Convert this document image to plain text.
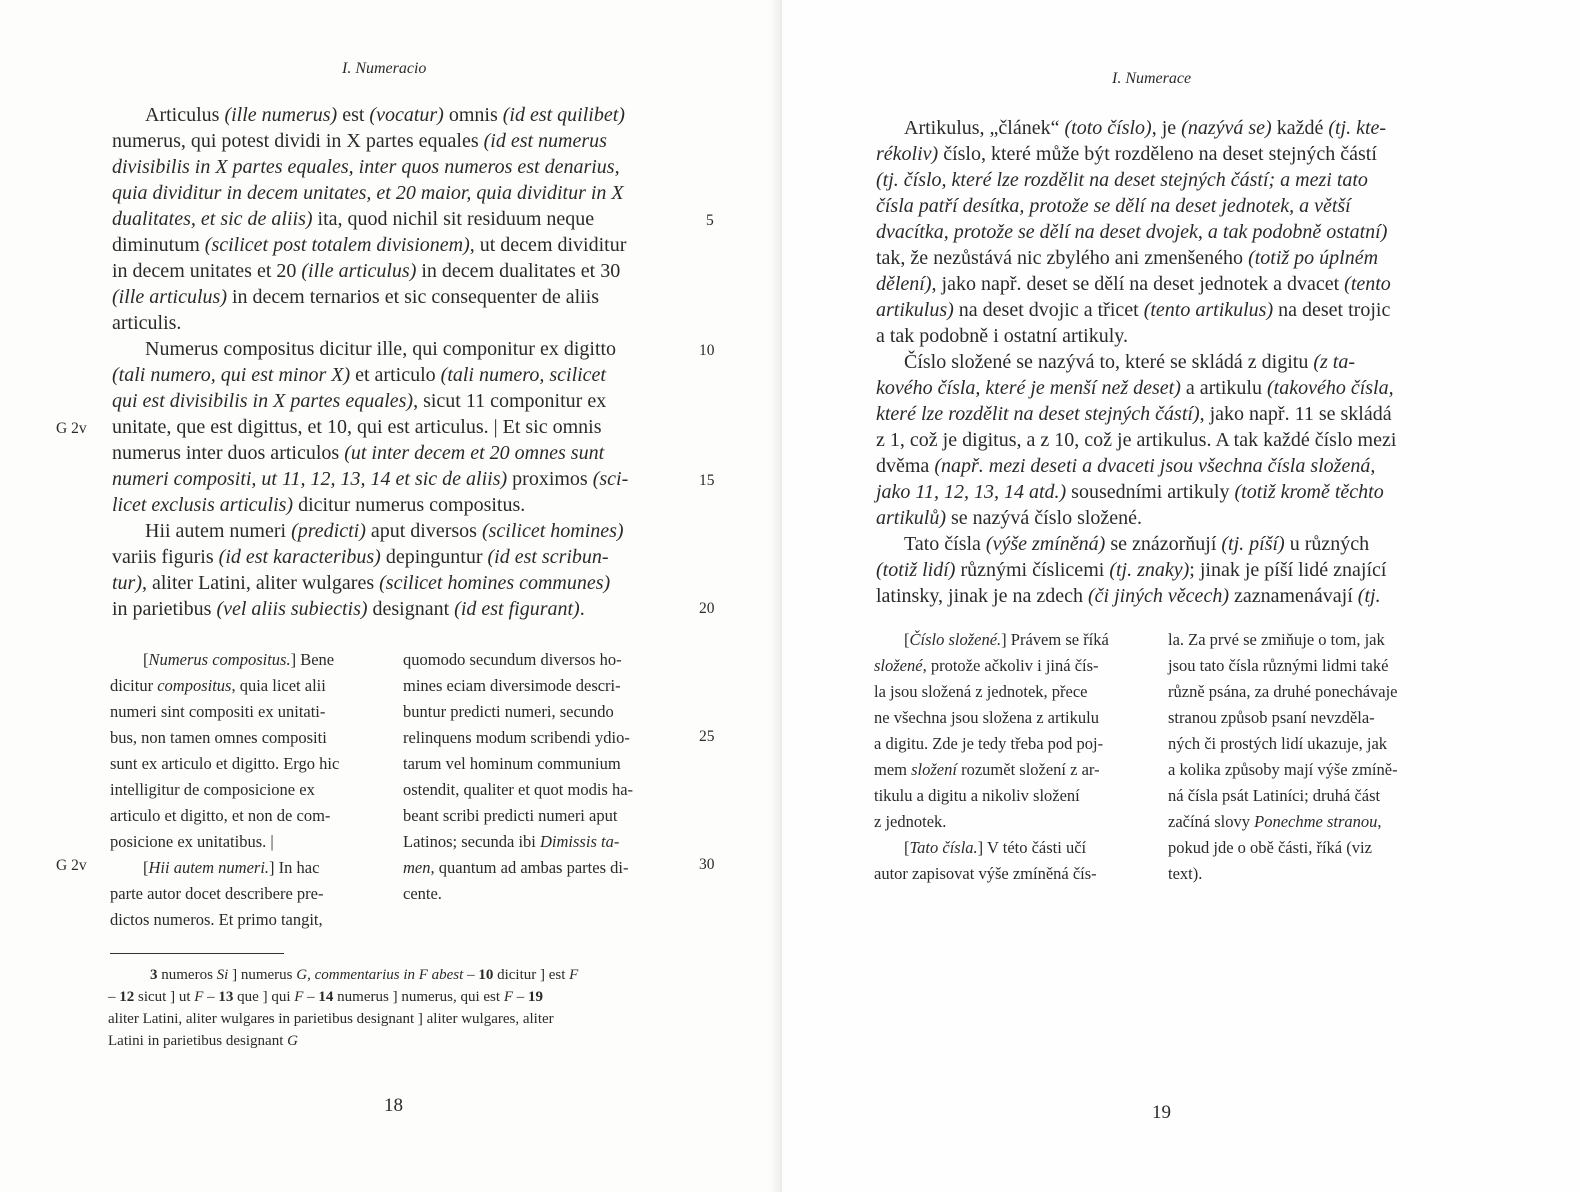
I. Numeracio
Articulus (ille numerus) est (vocatur) omnis (id est quilibet)
numerus, qui potest dividi in X partes equales (id est numerus
divisibilis in X partes equales, inter quos numeros est denarius,
quia dividitur in decem unitates, et 20 maior, quia dividitur in X
dualitates, et sic de aliis) ita, quod nichil sit residuum neque
diminutum (scilicet post totalem divisionem), ut decem dividitur
in decem unitates et 20 (ille articulus) in decem dualitates et 30
(ille articulus) in decem ternarios et sic consequenter de aliis
articulis.
Numerus compositus dicitur ille, qui componitur ex digitto
(tali numero, qui est minor X) et articulo (tali numero, scilicet
qui est divisibilis in X partes equales), sicut 11 componitur ex
unitate, que est digittus, et 10, qui est articulus. | Et sic omnis
numerus inter duos articulos (ut inter decem et 20 omnes sunt
numeri compositi, ut 11, 12, 13, 14 et sic de aliis) proximos (sci-
licet exclusis articulis) dicitur numerus compositus.
Hii autem numeri (predicti) aput diversos (scilicet homines)
variis figuris (id est karacteribus) depinguntur (id est scribun-
tur), aliter Latini, aliter wulgares (scilicet homines communes)
in parietibus (vel aliis subiectis) designant (id est figurant).
5
10
15
20
25
30
G 2v
G 2v
[Numerus compositus.] Bene
dicitur compositus, quia licet alii
numeri sint compositi ex unitati-
bus, non tamen omnes compositi
sunt ex articulo et digitto. Ergo hic
intelligitur de composicione ex
articulo et digitto, et non de com-
posicione ex unitatibus. |
[Hii autem numeri.] In hac
parte autor docet describere pre-
dictos numeros. Et primo tangit,
quomodo secundum diversos ho-
mines eciam diversimode descri-
buntur predicti numeri, secundo
relinquens modum scribendi ydio-
tarum vel hominum communium
ostendit, qualiter et quot modis ha-
beant scribi predicti numeri aput
Latinos; secunda ibi Dimissis ta-
men, quantum ad ambas partes di-
cente.
3 numeros Si ] numerus G, commentarius in F abest – 10 dicitur ] est F
– 12 sicut ] ut F – 13 que ] qui F – 14 numerus ] numerus, qui est F – 19
aliter Latini, aliter wulgares in parietibus designant ] aliter wulgares, aliter
Latini in parietibus designant G
18
I. Numerace
Artikulus, „článek“ (toto číslo), je (nazývá se) každé (tj. kte-
rékoliv) číslo, které může být rozděleno na deset stejných částí
(tj. číslo, které lze rozdělit na deset stejných částí; a mezi tato
čísla patří desítka, protože se dělí na deset jednotek, a větší
dvacítka, protože se dělí na deset dvojek, a tak podobně ostatní)
tak, že nezůstává nic zbylého ani zmenšeného (totiž po úplném
dělení), jako např. deset se dělí na deset jednotek a dvacet (tento
artikulus) na deset dvojic a třicet (tento artikulus) na deset trojic
a tak podobně i ostatní artikuly.
Číslo složené se nazývá to, které se skládá z digitu (z ta-
kového čísla, které je menší než deset) a artikulu (takového čísla,
které lze rozdělit na deset stejných částí), jako např. 11 se skládá
z 1, což je digitus, a z 10, což je artikulus. A tak každé číslo mezi
dvěma (např. mezi deseti a dvaceti jsou všechna čísla složená,
jako 11, 12, 13, 14 atd.) sousedními artikuly (totiž kromě těchto
artikulů) se nazývá číslo složené.
Tato čísla (výše zmíněná) se znázorňují (tj. píší) u různých
(totiž lidí) různými číslicemi (tj. znaky); jinak je píší lidé znající
latinsky, jinak je na zdech (či jiných věcech) zaznamenávají (tj.
[Číslo složené.] Právem se říká
složené, protože ačkoliv i jiná čís-
la jsou složená z jednotek, přece
ne všechna jsou složena z artikulu
a digitu. Zde je tedy třeba pod poj-
mem složení rozumět složení z ar-
tikulu a digitu a nikoliv složení
z jednotek.
[Tato čísla.] V této části učí
autor zapisovat výše zmíněná čís-
la. Za prvé se zmiňuje o tom, jak
jsou tato čísla různými lidmi také
různě psána, za druhé ponechávaje
stranou způsob psaní nevzděla-
ných či prostých lidí ukazuje, jak
a kolika způsoby mají výše zmíně-
ná čísla psát Latiníci; druhá část
začíná slovy Ponechme stranou,
pokud jde o obě části, říká (viz
text).
19
